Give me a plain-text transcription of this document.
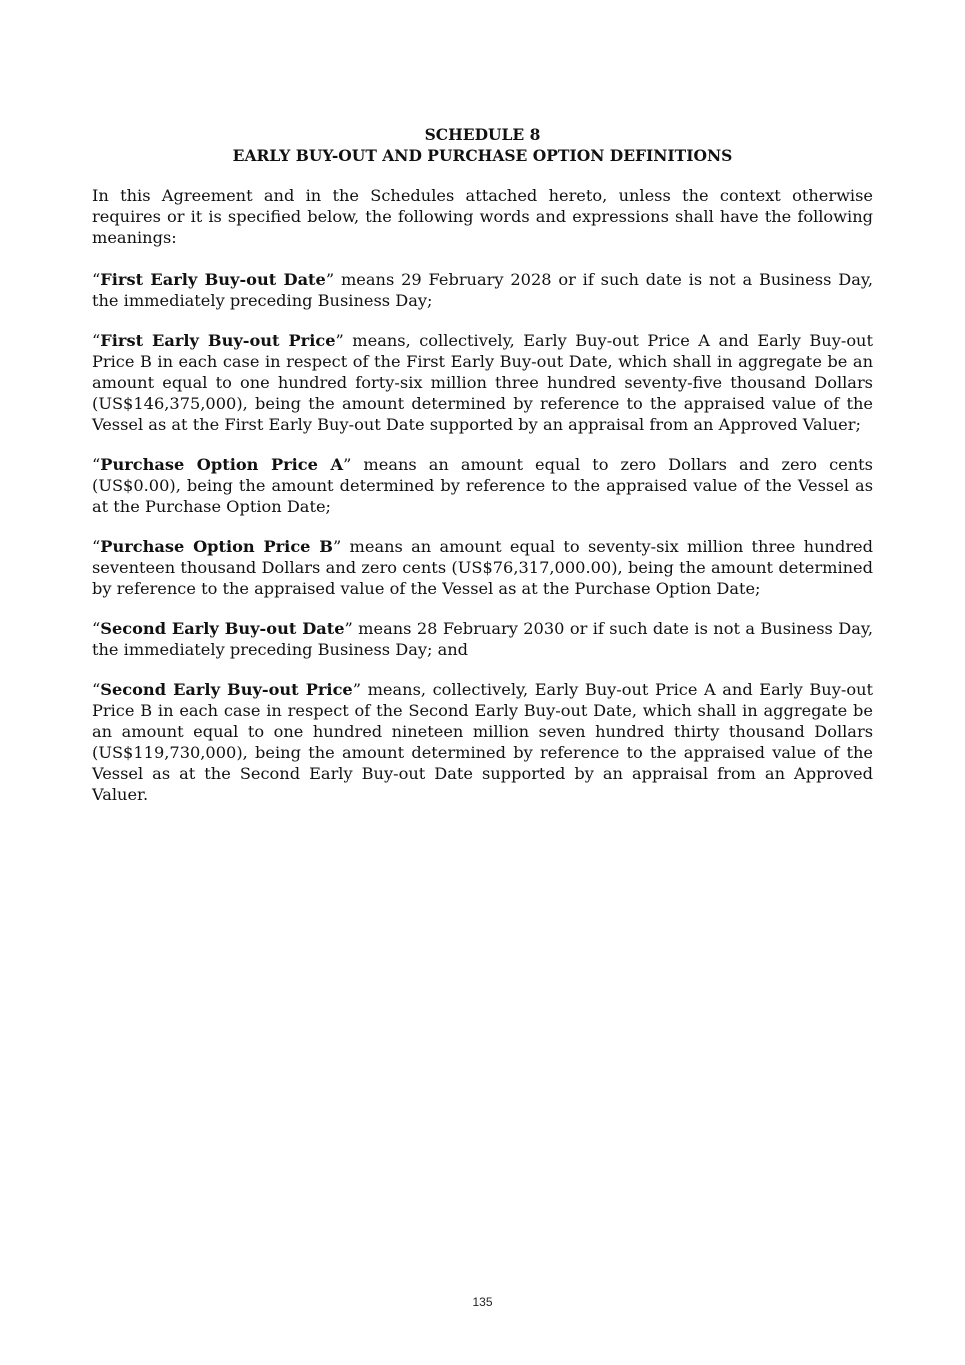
SCHEDULE 8

EARLY BUY-OUT AND PURCHASE OPTION DEFINITIONS

In this Agreement and in the Schedules attached hereto, unless the context otherwise requires or it is specified below, the following words and expressions shall have the following meanings:

“First Early Buy-out Date” means 29 February 2028 or if such date is not a Business Day, the immediately preceding Business Day;

“First Early Buy-out Price” means, collectively, Early Buy-out Price A and Early Buy-out Price B in each case in respect of the First Early Buy-out Date, which shall in aggregate be an amount equal to one hundred forty-six million three hundred seventy-five thousand Dollars (US$146,375,000), being the amount determined by reference to the appraised value of the Vessel as at the First Early Buy-out Date supported by an appraisal from an Approved Valuer;

“Purchase Option Price A” means an amount equal to zero Dollars and zero cents (US$0.00), being the amount determined by reference to the appraised value of the Vessel as at the Purchase Option Date;

“Purchase Option Price B” means an amount equal to seventy-six million three hundred seventeen thousand Dollars and zero cents (US$76,317,000.00), being the amount determined by reference to the appraised value of the Vessel as at the Purchase Option Date;

“Second Early Buy-out Date” means 28 February 2030 or if such date is not a Business Day, the immediately preceding Business Day; and

“Second Early Buy-out Price” means, collectively, Early Buy-out Price A and Early Buy-out Price B in each case in respect of the Second Early Buy-out Date, which shall in aggregate be an amount equal to one hundred nineteen million seven hundred thirty thousand Dollars (US$119,730,000), being the amount determined by reference to the appraised value of the Vessel as at the Second Early Buy-out Date supported by an appraisal from an Approved Valuer.

135
